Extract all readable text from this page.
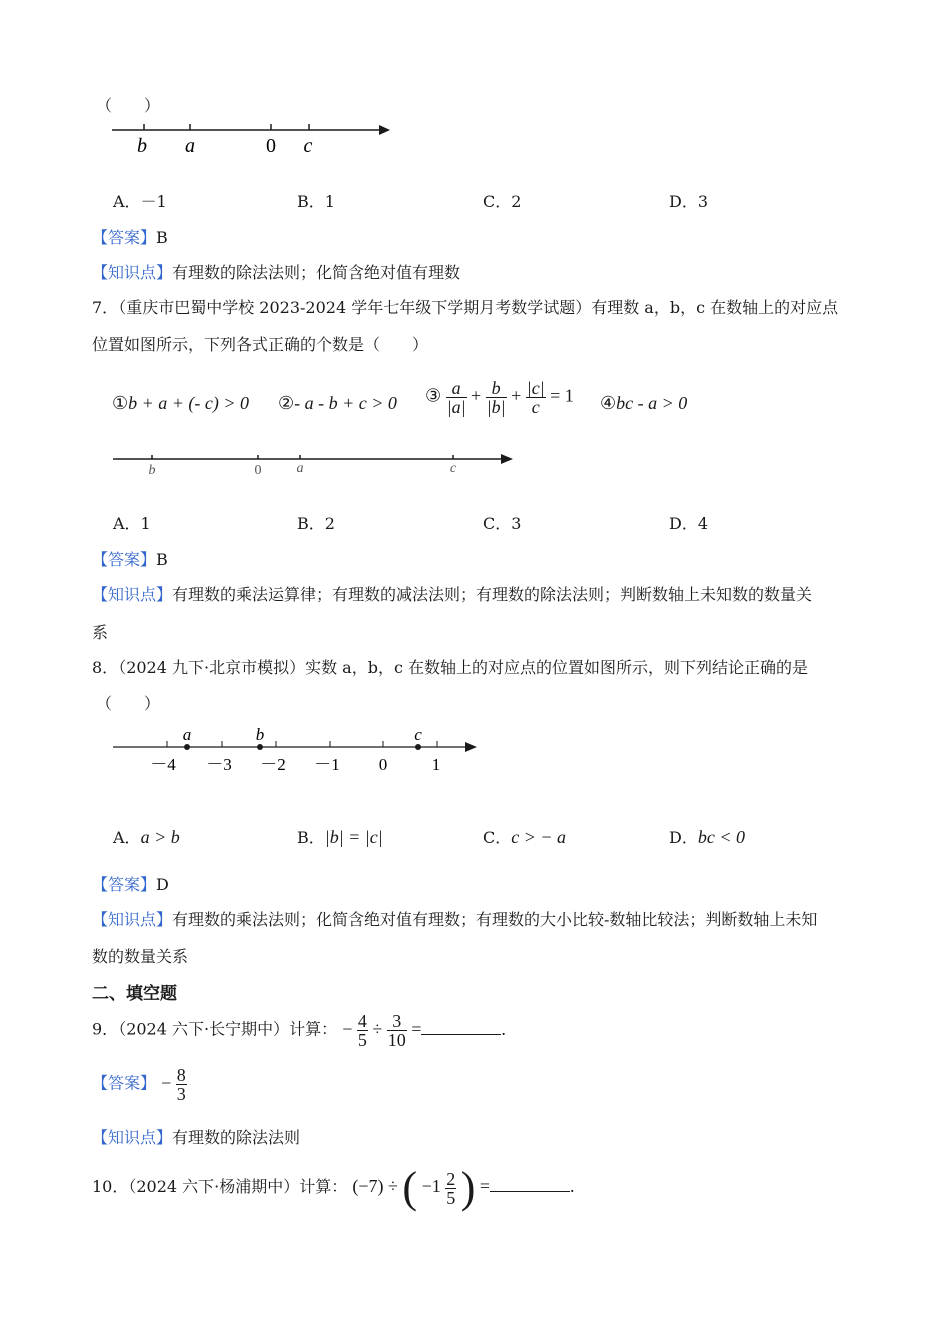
（　　）
b a	0 c
A．－1	B．1	C．2	D．3
【答案】B
【知识点】有理数的除法法则；化简含绝对值有理数
7．（重庆市巴蜀中学校 2023-2024 学年七年级下学期月考数学试题）有理数 a，b，c 在数轴上的对应点
位置如图所示，下列各式正确的个数是（　　）
①b + a + (- c) > 0 ②- a - b + c > 0 ③ $\frac{a}{|a|} + \frac{b}{|b|} + \frac{|c|}{c} = 1$ ④bc - a > 0
b	0	a	c
A．1	B．2	C．3	D．4
【答案】B
【知识点】有理数的乘法运算律；有理数的减法法则；有理数的除法法则；判断数轴上未知数的数量关
系
8．（2024 九下·北京市模拟）实数 a，b，c 在数轴上的对应点的位置如图所示，则下列结论正确的是
（　　）
a	b	c
－4 －3 －2 －1 0	1
A．a > b	B．|b| = |c|	C．c > − a	D．bc < 0
【答案】D
【知识点】有理数的乘法法则；化简含绝对值有理数；有理数的大小比较-数轴比较法；判断数轴上未知
数的数量关系
二、填空题
9．（2024 六下·长宁期中）计算： − $\frac{4}{5} \div \frac{3}{10}$ =	.
【答案】 − $\frac{8}{3}$
【知识点】有理数的除法法则
10．（2024 六下·杨浦期中）计算： (−7) ÷ ( $-1 \frac{2}{5}$ ) =	.
